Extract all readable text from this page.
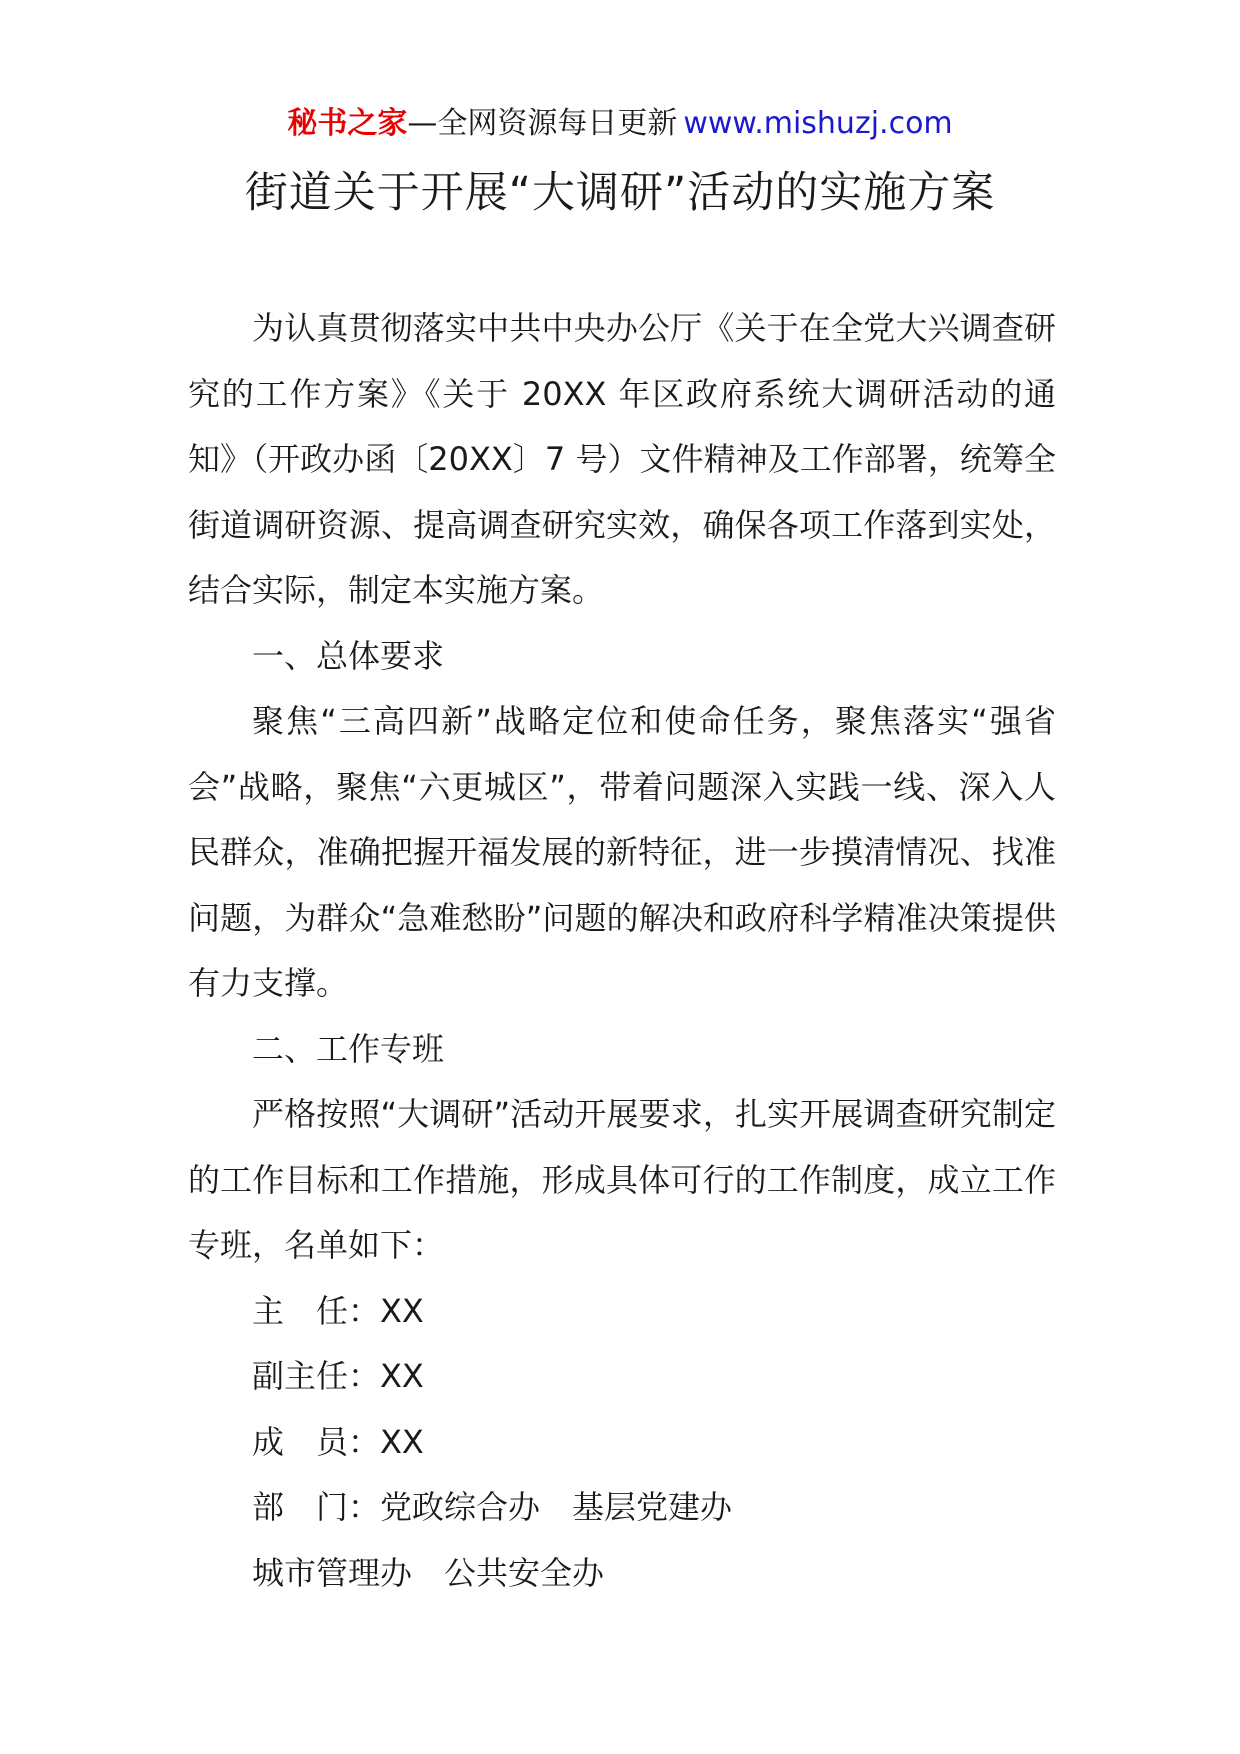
秘书之家—全网资源每日更新 www.mishuzj.com
街道关于开展“大调研”活动的实施方案

为认真贯彻落实中共中央办公厅《关于在全党大兴调查研究的工作方案》《关于 20XX 年区政府系统大调研活动的通知》（开政办函〔20XX〕7 号）文件精神及工作部署，统筹全街道调研资源、提高调查研究实效，确保各项工作落到实处，结合实际，制定本实施方案。

一、总体要求

聚焦“三高四新”战略定位和使命任务，聚焦落实“强省会”战略，聚焦“六更城区”，带着问题深入实践一线、深入人民群众，准确把握开福发展的新特征，进一步摸清情况、找准问题，为群众“急难愁盼”问题的解决和政府科学精准决策提供有力支撑。

二、工作专班

严格按照“大调研”活动开展要求，扎实开展调查研究制定的工作目标和工作措施，形成具体可行的工作制度，成立工作专班，名单如下：

主　任：XX

副主任：XX

成　员：XX

部　门：党政综合办　基层党建办

城市管理办　公共安全办
